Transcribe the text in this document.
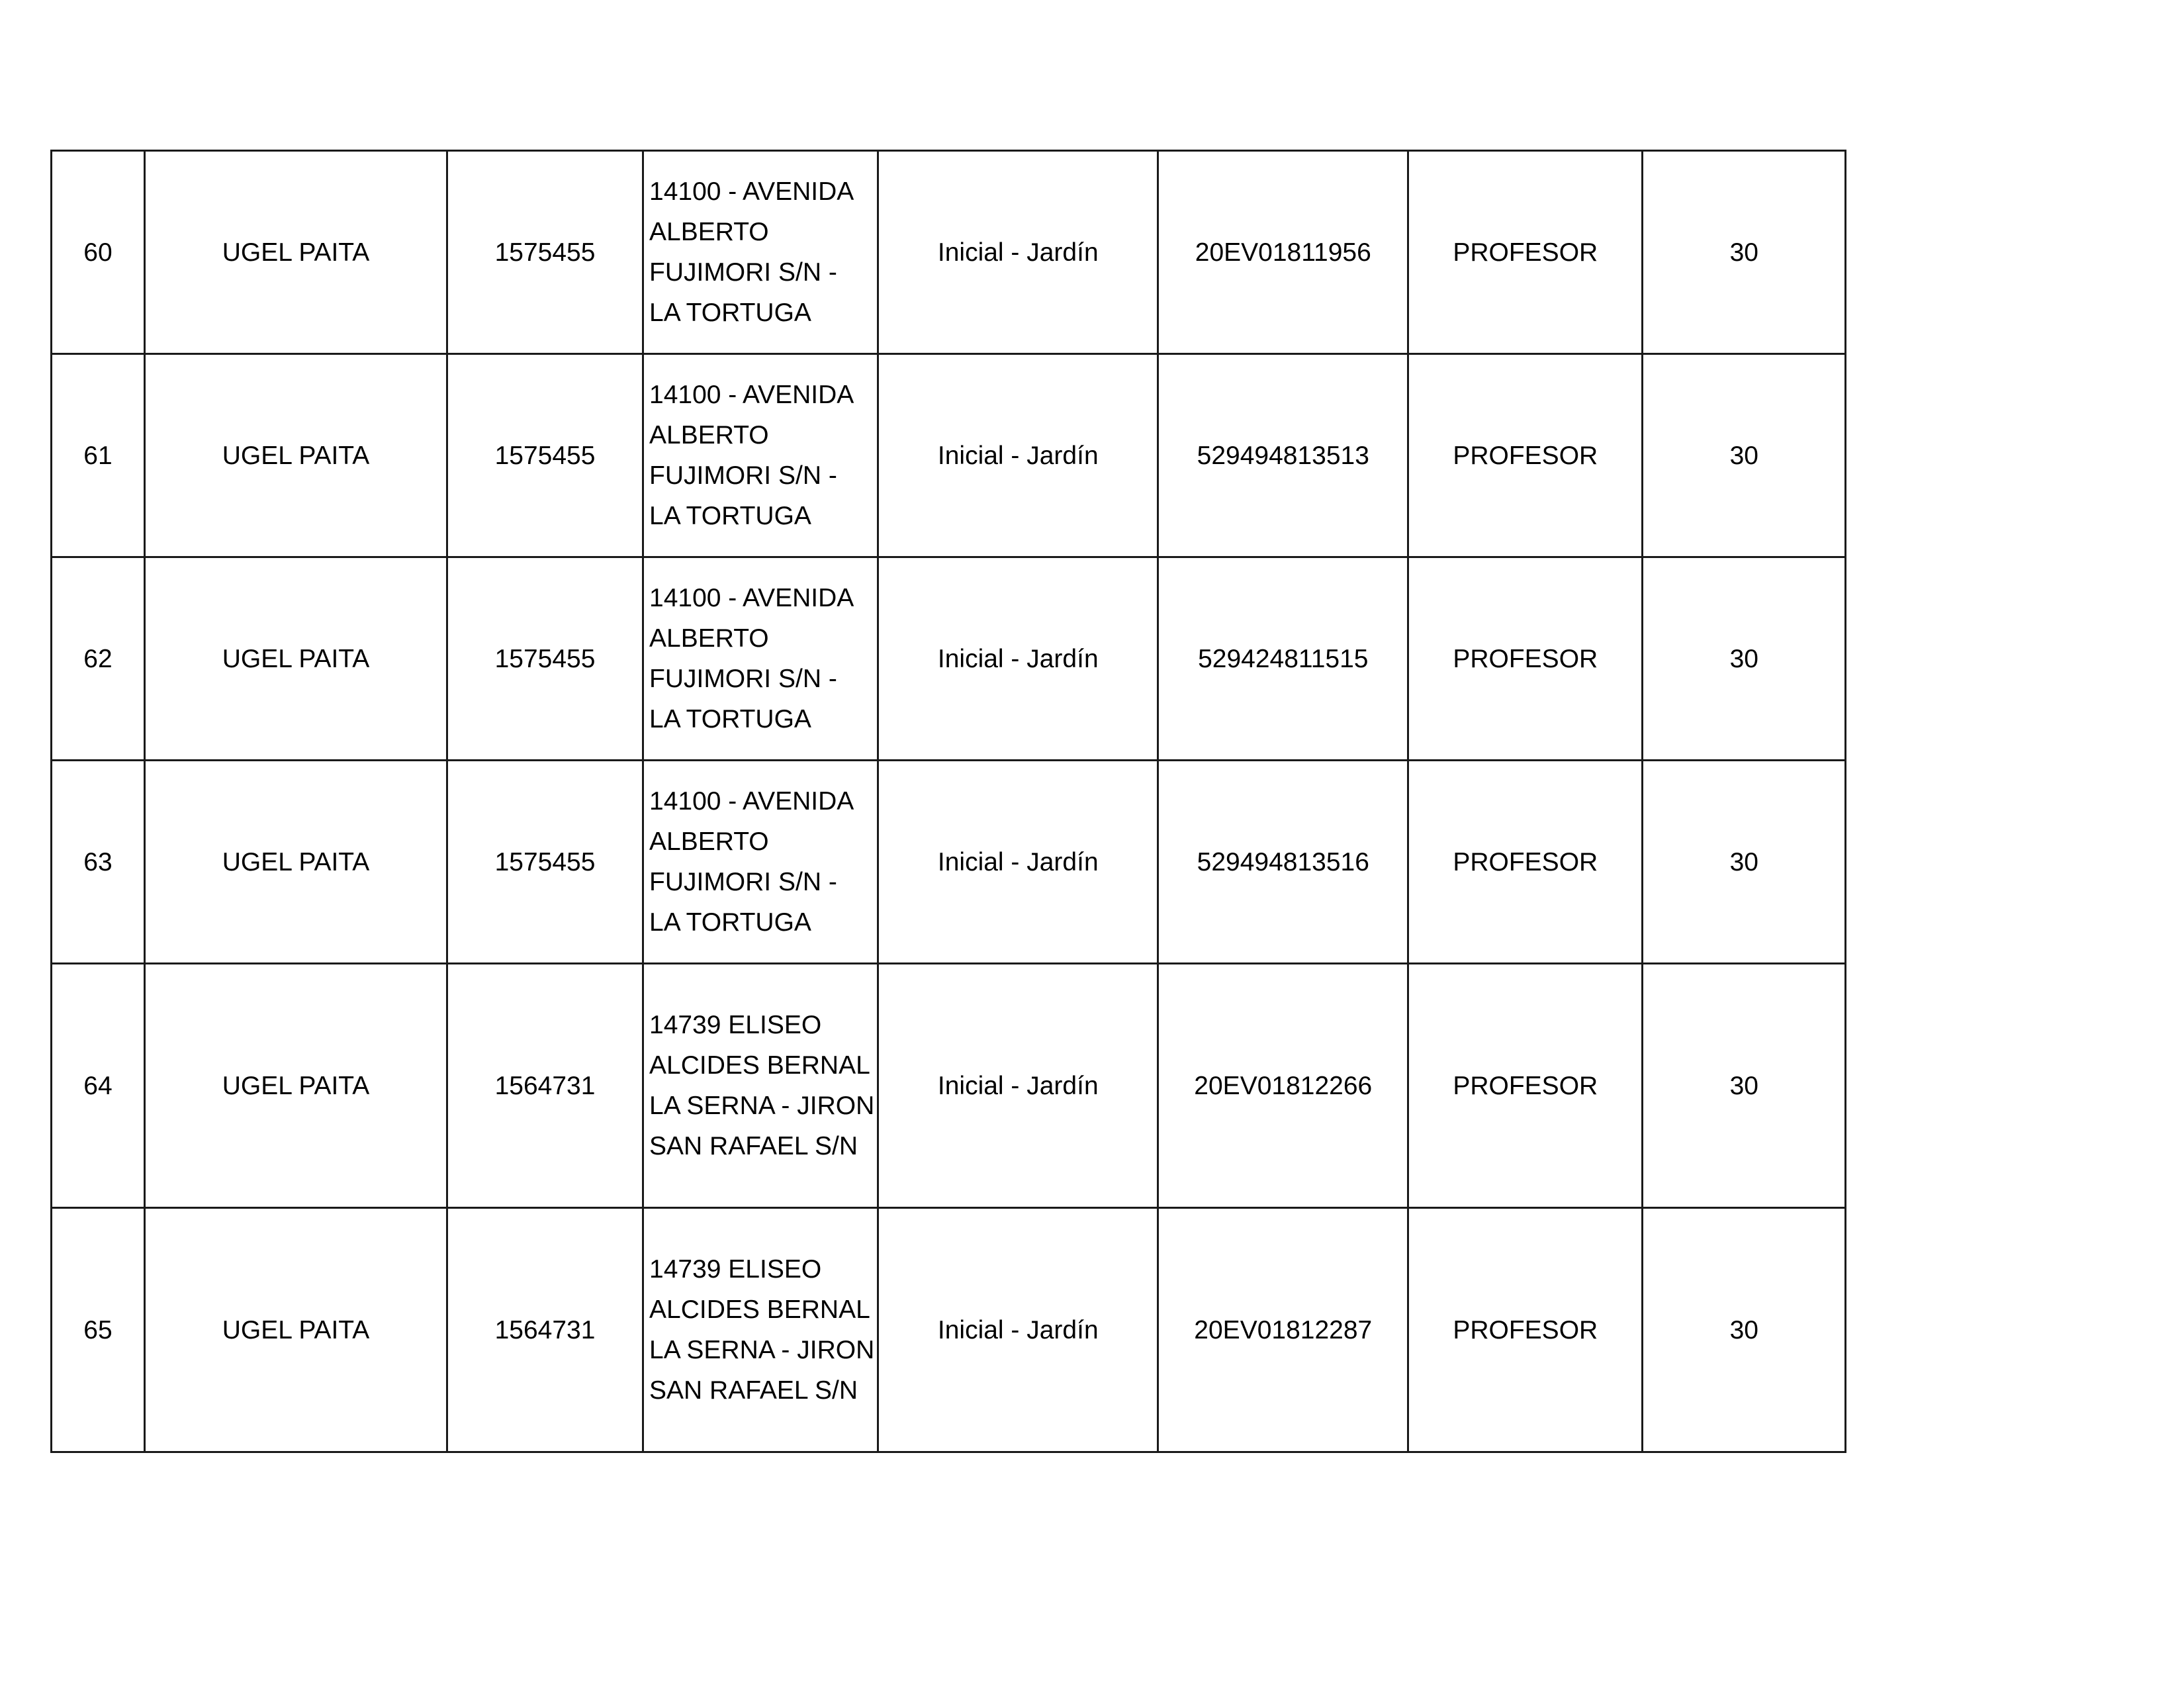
60	UGEL PAITA	1575455	14100 - AVENIDA
ALBERTO
FUJIMORI S/N -
LA TORTUGA	Inicial - Jardín	20EV01811956	PROFESOR	30
61	UGEL PAITA	1575455	14100 - AVENIDA
ALBERTO
FUJIMORI S/N -
LA TORTUGA	Inicial - Jardín	529494813513	PROFESOR	30
62	UGEL PAITA	1575455	14100 - AVENIDA
ALBERTO
FUJIMORI S/N -
LA TORTUGA	Inicial - Jardín	529424811515	PROFESOR	30
63	UGEL PAITA	1575455	14100 - AVENIDA
ALBERTO
FUJIMORI S/N -
LA TORTUGA	Inicial - Jardín	529494813516	PROFESOR	30
64	UGEL PAITA	1564731	14739 ELISEO
ALCIDES BERNAL
LA SERNA - JIRON
SAN RAFAEL S/N	Inicial - Jardín	20EV01812266	PROFESOR	30
65	UGEL PAITA	1564731	14739 ELISEO
ALCIDES BERNAL
LA SERNA - JIRON
SAN RAFAEL S/N	Inicial - Jardín	20EV01812287	PROFESOR	30
